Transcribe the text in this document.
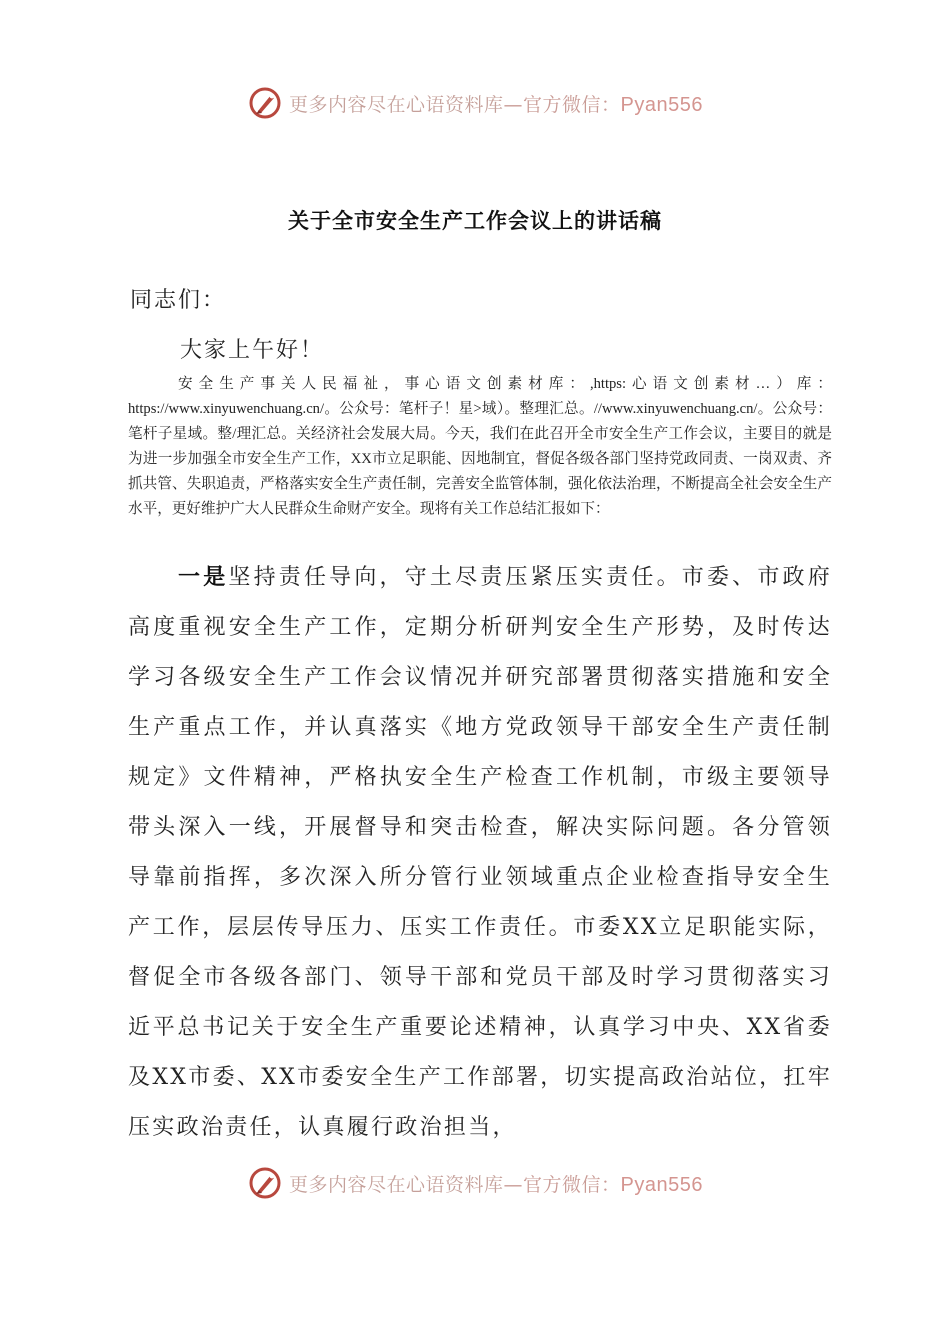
更多内容尽在心语资料库—官方微信：Pyan556
关于全市安全生产工作会议上的讲话稿
同志们：
大家上午好！

安全生产事关人民福祉，事心语文创素材库：,https:心语文创素材…）库：https://www.xinyuwenchuang.cn/。公众号：笔杆子！星>域）。整理汇总。//www.xinyuwenchuang.cn/。公众号：笔杆子星域。整/理汇总。关经济社会发展大局。今天，我们在此召开全市安全生产工作会议，主要目的就是为进一步加强全市安全生产工作，XX市立足职能、因地制宜，督促各级各部门坚持党政同责、一岗双责、齐抓共管、失职追责，严格落实安全生产责任制，完善安全监管体制，强化依法治理，不断提高全社会安全生产水平，更好维护广大人民群众生命财产安全。现将有关工作总结汇报如下：

一是坚持责任导向，守土尽责压紧压实责任。市委、市政府高度重视安全生产工作，定期分析研判安全生产形势，及时传达学习各级安全生产工作会议情况并研究部署贯彻落实措施和安全生产重点工作，并认真落实《地方党政领导干部安全生产责任制规定》文件精神，严格执安全生产检查工作机制，市级主要领导带头深入一线，开展督导和突击检查，解决实际问题。各分管领导靠前指挥，多次深入所分管行业领域重点企业检查指导安全生产工作，层层传导压力、压实工作责任。市委XX立足职能实际，督促全市各级各部门、领导干部和党员干部及时学习贯彻落实习近平总书记关于安全生产重要论述精神，认真学习中央、XX省委及XX市委、XX市委安全生产工作部署，切实提高政治站位，扛牢压实政治责任，认真履行政治担当，

更多内容尽在心语资料库—官方微信：Pyan556
